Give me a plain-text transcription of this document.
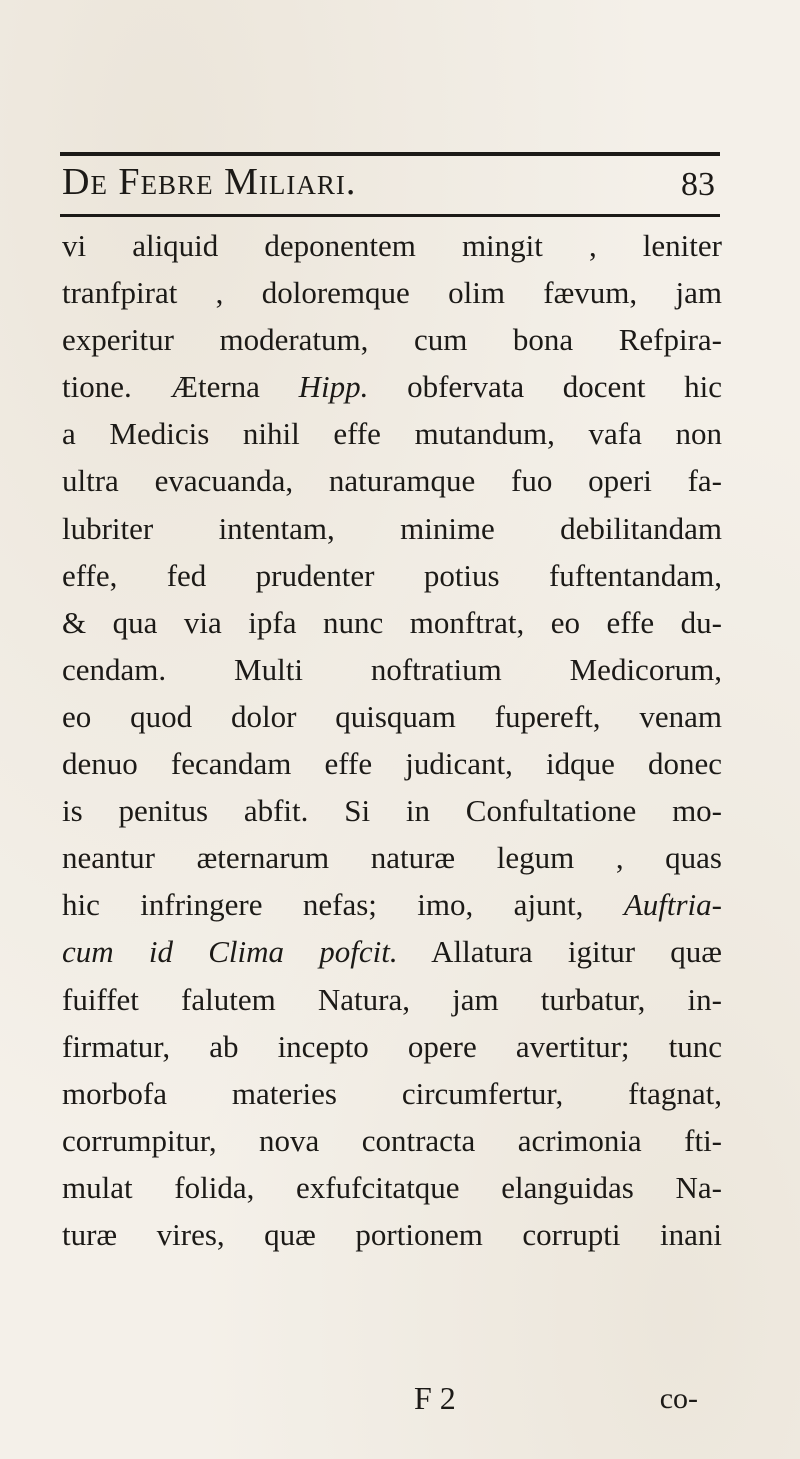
De Febre Miliari.	83
vi aliquid deponentem mingit , leniter
tranfpirat , doloremque olim fævum, jam
experitur moderatum, cum bona Refpira-
tione. Æterna Hipp. obfervata docent hic
a Medicis nihil effe mutandum, vafa non
ultra evacuanda, naturamque fuo operi fa-
lubriter intentam, minime debilitandam
effe, fed prudenter potius fuftentandam,
& qua via ipfa nunc monftrat, eo effe du-
cendam. Multi noftratium Medicorum,
eo quod dolor quisquam fupereft, venam
denuo fecandam effe judicant, idque donec
is penitus abfit. Si in Confultatione mo-
neantur æternarum naturæ legum , quas
hic infringere nefas; imo, ajunt, Auftria-
cum id Clima pofcit. Allatura igitur quæ
fuiffet falutem Natura, jam turbatur, in-
firmatur, ab incepto opere avertitur; tunc
morbofa materies circumfertur, ftagnat,
corrumpitur, nova contracta acrimonia fti-
mulat folida, exfufcitatque elanguidas Na-
turæ vires, quæ portionem corrupti inani
F 2	co-
